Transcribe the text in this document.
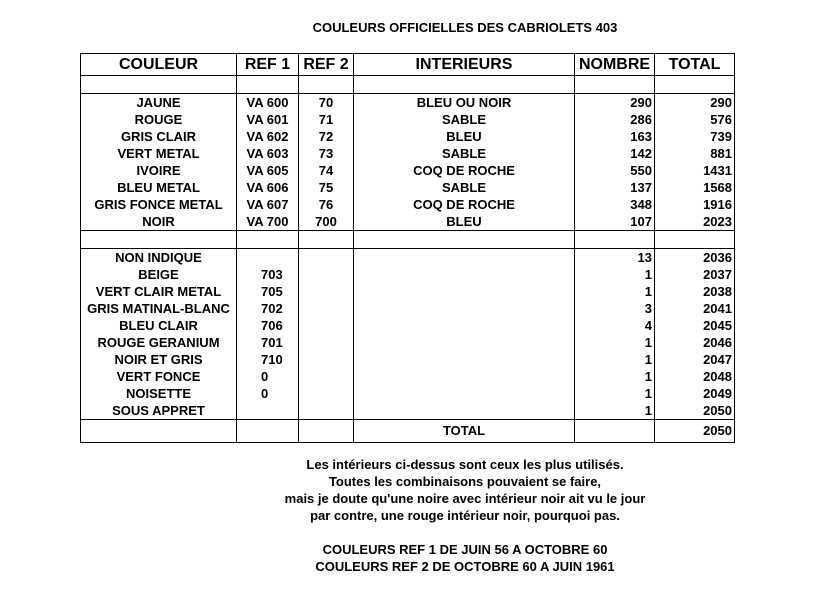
COULEURS OFFICIELLES DES CABRIOLETS 403
COULEUR	REF 1	REF 2	INTERIEURS	NOMBRE	TOTAL

JAUNE	VA 600	70	BLEU OU NOIR	290	290
ROUGE	VA 601	71	SABLE	286	576
GRIS CLAIR	VA 602	72	BLEU	163	739
VERT METAL	VA 603	73	SABLE	142	881
IVOIRE	VA 605	74	COQ DE ROCHE	550	1431
BLEU METAL	VA 606	75	SABLE	137	1568
GRIS FONCE METAL	VA 607	76	COQ DE ROCHE	348	1916
NOIR	VA 700	700	BLEU	107	2023

NON INDIQUE				13	2036
BEIGE	703			1	2037
VERT CLAIR METAL	705			1	2038
GRIS MATINAL-BLANC	702			3	2041
BLEU CLAIR	706			4	2045
ROUGE GERANIUM	701			1	2046
NOIR ET GRIS	710			1	2047
VERT FONCE	0			1	2048
NOISETTE	0			1	2049
SOUS APPRET				1	2050
			TOTAL		2050

Les intérieurs ci-dessus sont ceux les plus utilisés.

Toutes les combinaisons pouvaient se faire,

mais je doute qu'une noire avec intérieur noir ait vu le jour

par contre, une rouge intérieur noir, pourquoi pas.

COULEURS REF 1 DE JUIN 56 A OCTOBRE 60

COULEURS REF 2 DE OCTOBRE 60 A JUIN 1961
